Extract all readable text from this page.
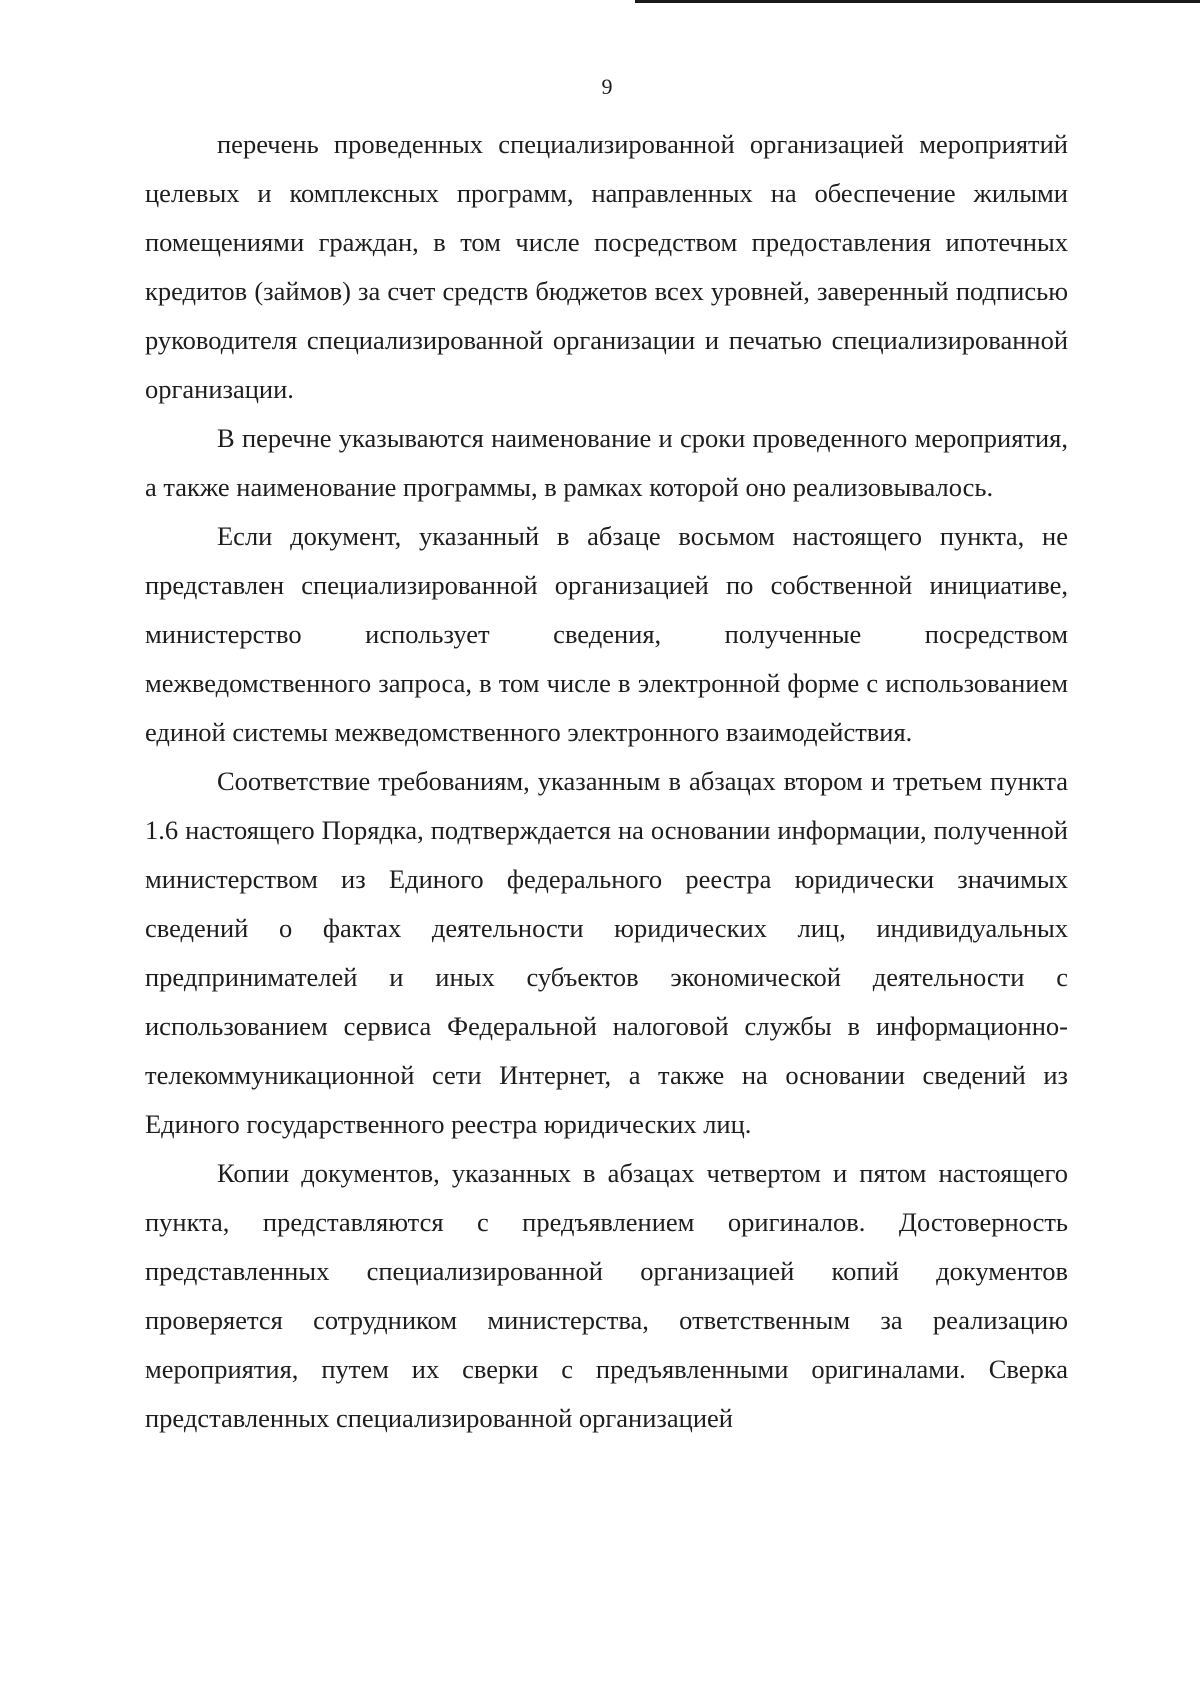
9

перечень проведенных специализированной организацией мероприятий целевых и комплексных программ, направленных на обеспечение жилыми помещениями граждан, в том числе посредством предоставления ипотечных кредитов (займов) за счет средств бюджетов всех уровней, заверенный подписью руководителя специализированной организации и печатью специализированной организации.

В перечне указываются наименование и сроки проведенного мероприятия, а также наименование программы, в рамках которой оно реализовывалось.

Если документ, указанный в абзаце восьмом настоящего пункта, не представлен специализированной организацией по собственной инициативе, министерство использует сведения, полученные посредством межведомственного запроса, в том числе в электронной форме с использованием единой системы межведомственного электронного взаимодействия.

Соответствие требованиям, указанным в абзацах втором и третьем пункта 1.6 настоящего Порядка, подтверждается на основании информации, полученной министерством из Единого федерального реестра юридически значимых сведений о фактах деятельности юридических лиц, индивидуальных предпринимателей и иных субъектов экономической деятельности с использованием сервиса Федеральной налоговой службы в информационно-телекоммуникационной сети Интернет, а также на основании сведений из Единого государственного реестра юридических лиц.

Копии документов, указанных в абзацах четвертом и пятом настоящего пункта, представляются с предъявлением оригиналов. Достоверность представленных специализированной организацией копий документов проверяется сотрудником министерства, ответственным за реализацию мероприятия, путем их сверки с предъявленными оригиналами. Сверка представленных специализированной организацией
